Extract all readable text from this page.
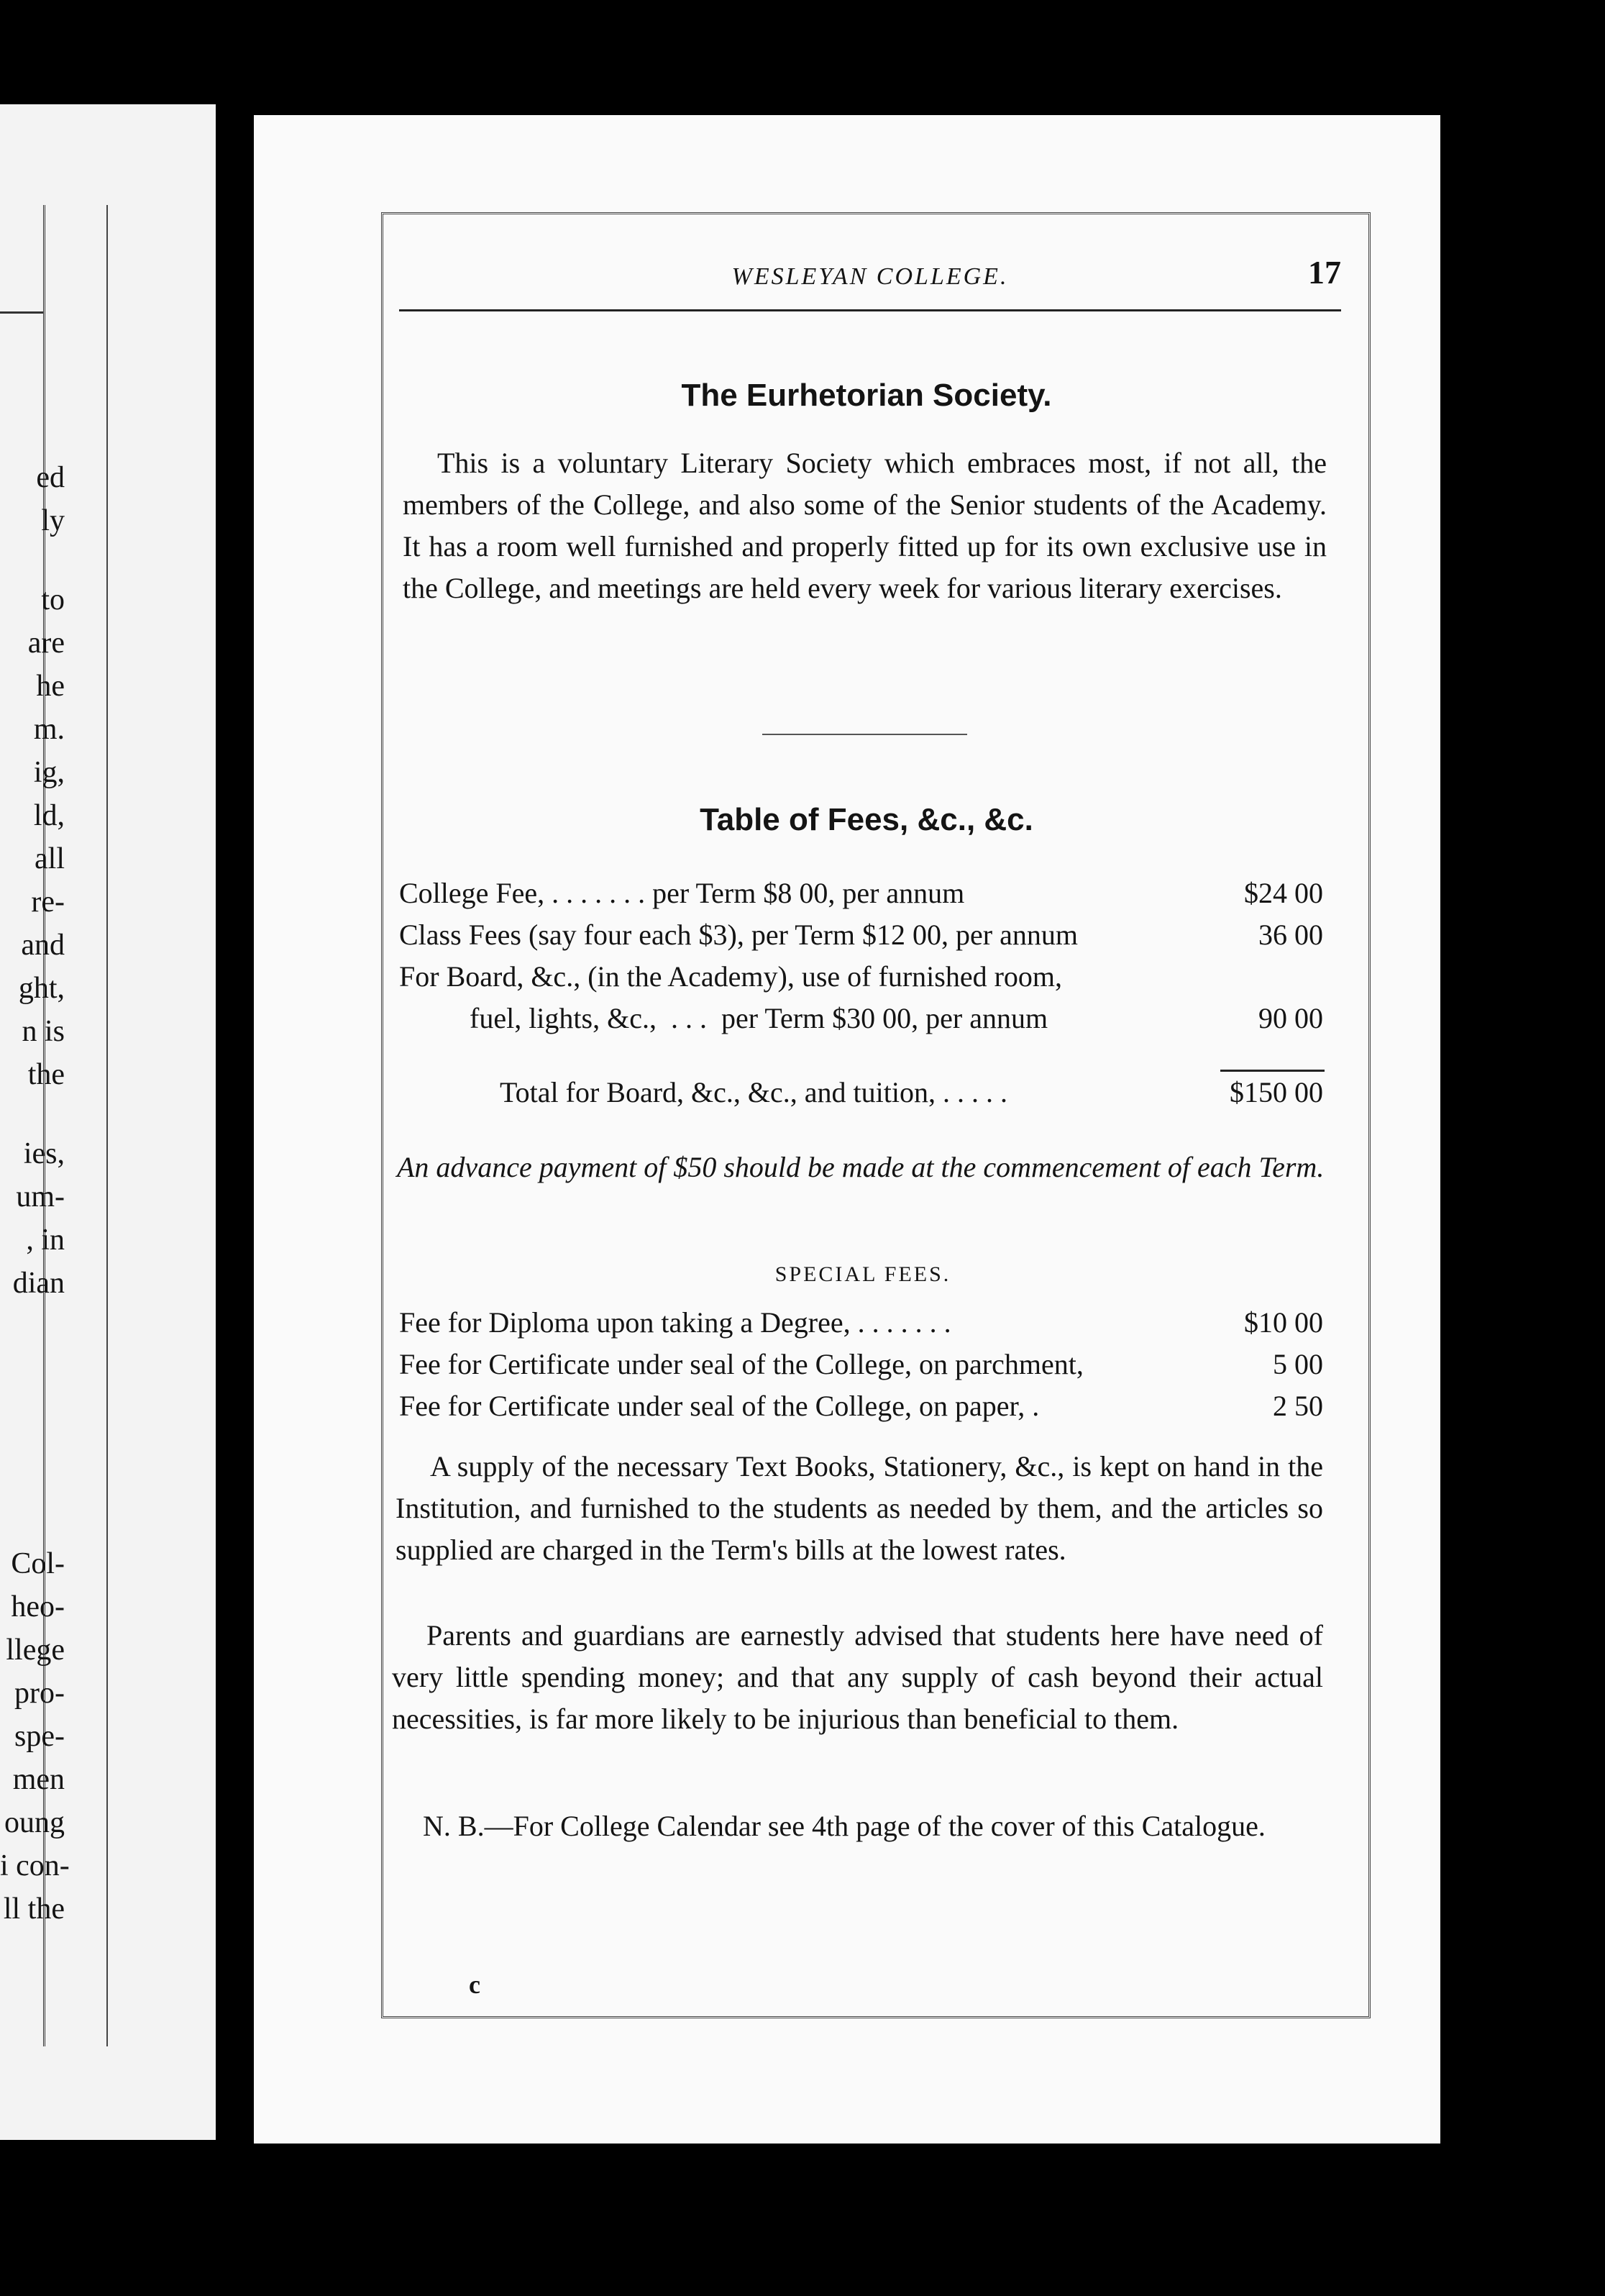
ed
ly
to
are
he
m.
ig,
ld,
all
re-
and
ght,
n is
the
ies,
um-
, in
dian
Col-
heo-
llege
pro-
spe-
men
oung
i con-
ll the
WESLEYAN COLLEGE.	17
The Eurhetorian Society.

This is a voluntary Literary Society which embraces most, if not all, the members of the College, and also some of the Senior students of the Academy. It has a room well furnished and properly fitted up for its own exclusive use in the College, and meetings are held every week for various literary exercises.

Table of Fees, &c., &c.
College Fee, . . . . . . . per Term $8 00, per annum	$24 00
Class Fees (say four each $3), per Term $12 00, per annum	36 00
For Board, &c., (in the Academy), use of furnished room,
fuel, lights, &c.,  . . .  per Term $30 00, per annum	90 00
Total for Board, &c., &c., and tuition, . . . . .	$150 00
An advance payment of $50 should be made at the commencement of each Term.
SPECIAL FEES.
Fee for Diploma upon taking a Degree, . . . . . . .	$10 00
Fee for Certificate under seal of the College, on parchment,	5 00
Fee for Certificate under seal of the College, on paper, .	2 50

A supply of the necessary Text Books, Stationery, &c., is kept on hand in the Institution, and furnished to the students as needed by them, and the articles so supplied are charged in the Term's bills at the lowest rates.

Parents and guardians are earnestly advised that students here have need of very little spending money; and that any supply of cash beyond their actual necessities, is far more likely to be injurious than beneficial to them.

N. B.—For College Calendar see 4th page of the cover of this Catalogue.

c
